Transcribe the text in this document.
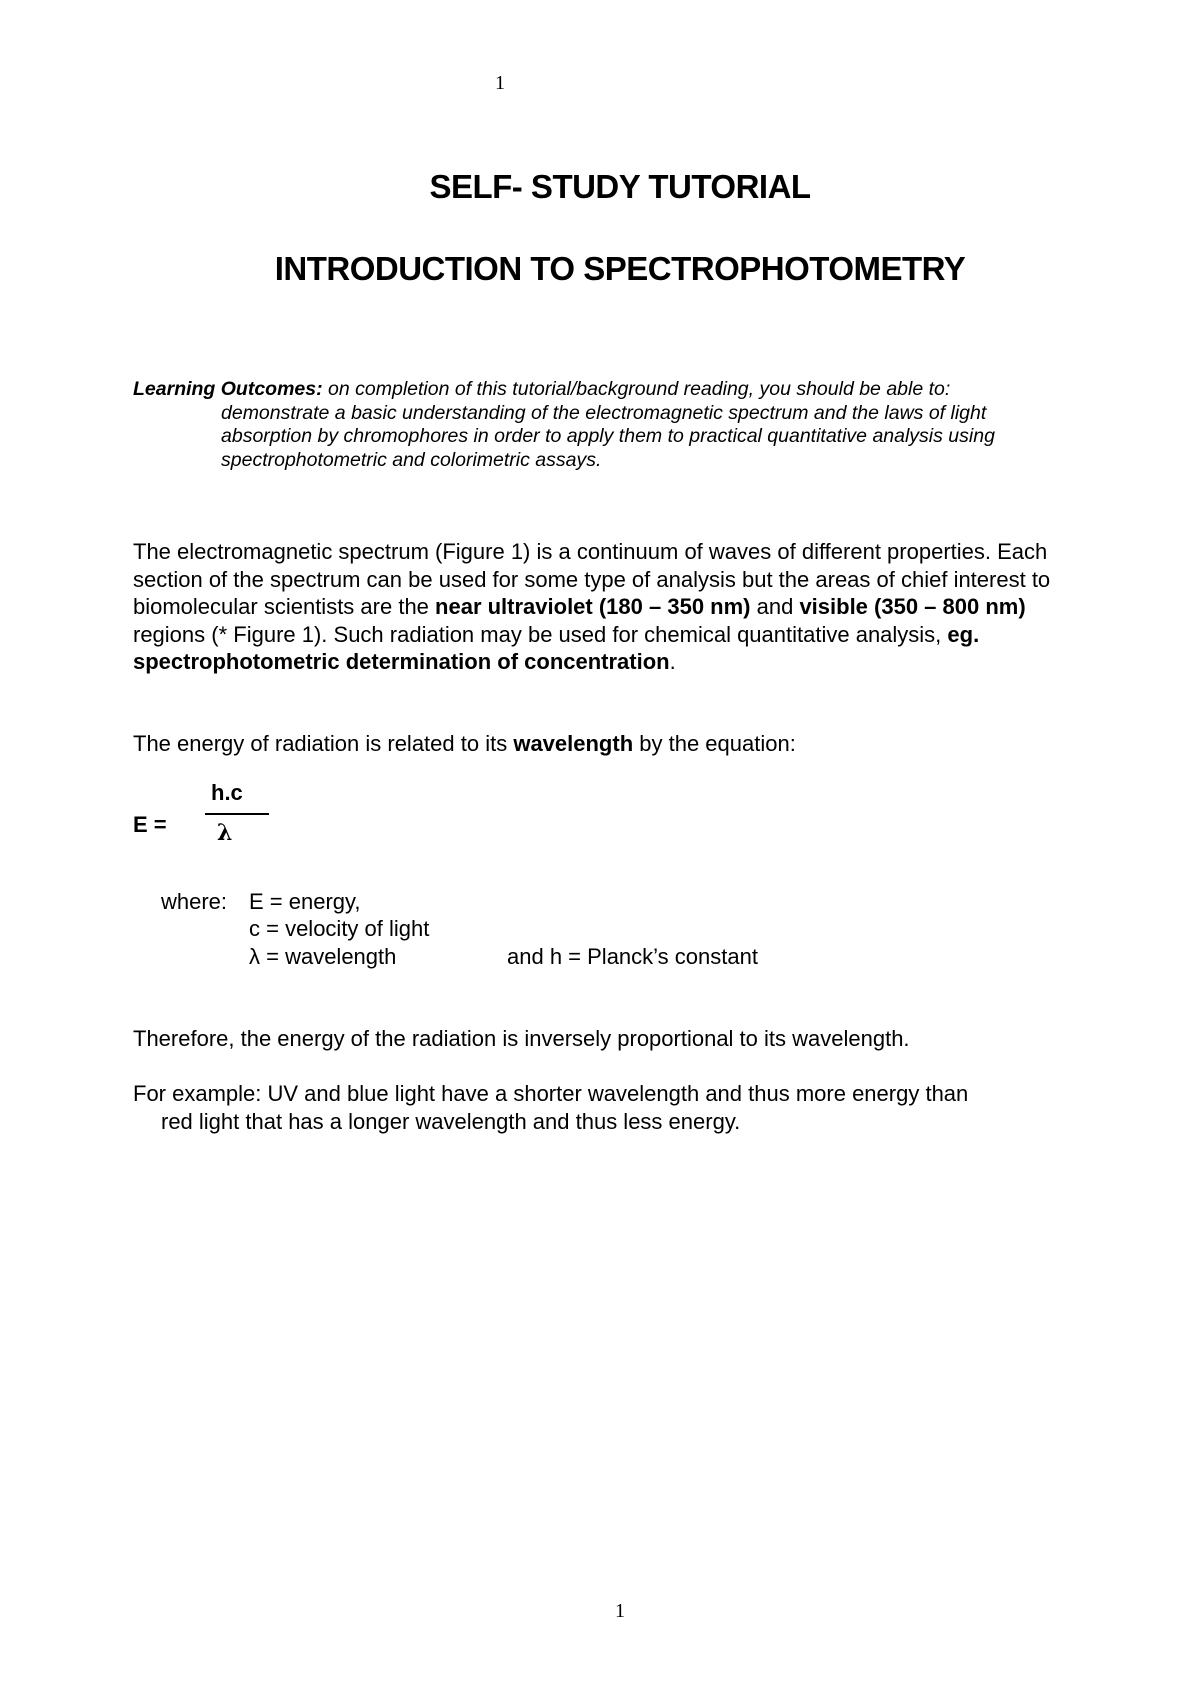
1
SELF- STUDY TUTORIAL
INTRODUCTION TO SPECTROPHOTOMETRY
Learning Outcomes: on completion of this tutorial/background reading, you should be able to:
demonstrate a basic understanding of the electromagnetic spectrum and the laws of light absorption by chromophores in order to apply them to practical quantitative analysis using spectrophotometric and colorimetric assays.
The electromagnetic spectrum (Figure 1) is a continuum of waves of different properties. Each section of the spectrum can be used for some type of analysis but the areas of chief interest to biomolecular scientists are the near ultraviolet (180 – 350 nm) and visible (350 – 800 nm) regions (* Figure 1). Such radiation may be used for chemical quantitative analysis, eg. spectrophotometric determination of concentration.
The energy of radiation is related to its wavelength by the equation:
E =
h.c
λ
where: E = energy,
c = velocity of light
λ = wavelength	and h = Planck’s constant
Therefore, the energy of the radiation is inversely proportional to its wavelength.
For example: UV and blue light have a shorter wavelength and thus more energy than
red light that has a longer wavelength and thus less energy.
1
